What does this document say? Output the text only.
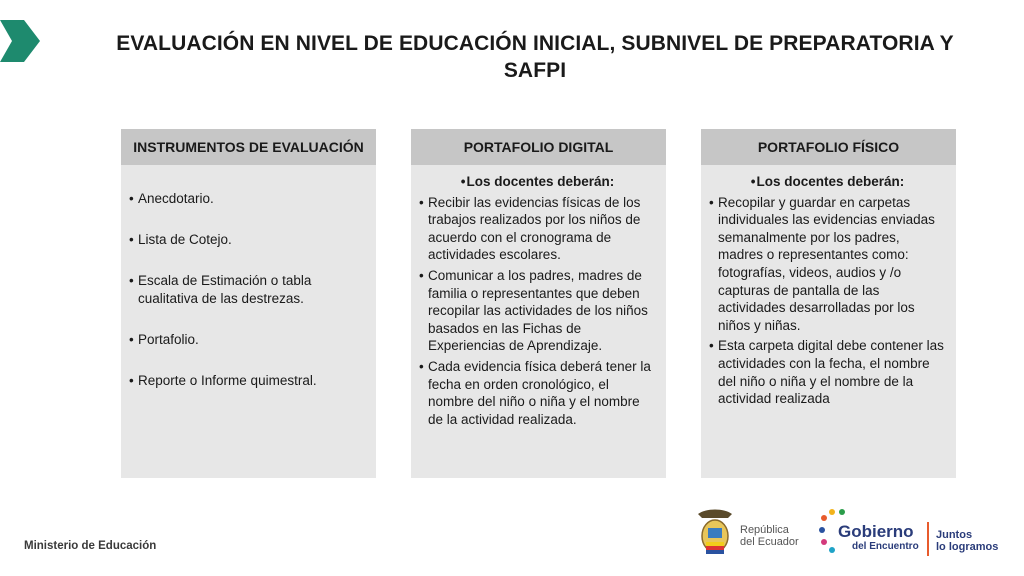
EVALUACIÓN EN NIVEL DE EDUCACIÓN INICIAL, SUBNIVEL DE PREPARATORIA Y SAFPI
INSTRUMENTOS DE EVALUACIÓN
• Anecdotario.
• Lista de Cotejo.
• Escala de Estimación o tabla cualitativa de las destrezas.
• Portafolio.
• Reporte o Informe quimestral.
PORTAFOLIO DIGITAL
• Los docentes deberán:
• Recibir las evidencias físicas de los trabajos realizados por los niños de acuerdo con el cronograma de actividades escolares.
• Comunicar a los padres, madres de familia o representantes que deben recopilar las actividades de los niños basados en las Fichas de Experiencias de Aprendizaje.
• Cada evidencia física deberá tener la fecha en orden cronológico, el nombre del niño o niña y el nombre de la actividad realizada.
PORTAFOLIO FÍSICO
• Los docentes deberán:
• Recopilar y guardar en carpetas individuales las evidencias enviadas semanalmente por los padres, madres o representantes como: fotografías, videos, audios y /o capturas de pantalla de las actividades desarrolladas por los niños y niñas.
• Esta carpeta digital debe contener las actividades con la fecha, el nombre del niño o niña y el nombre de la actividad realizada
Ministerio de Educación
República
del Ecuador
Gobierno
del Encuentro
Juntos
lo logramos
